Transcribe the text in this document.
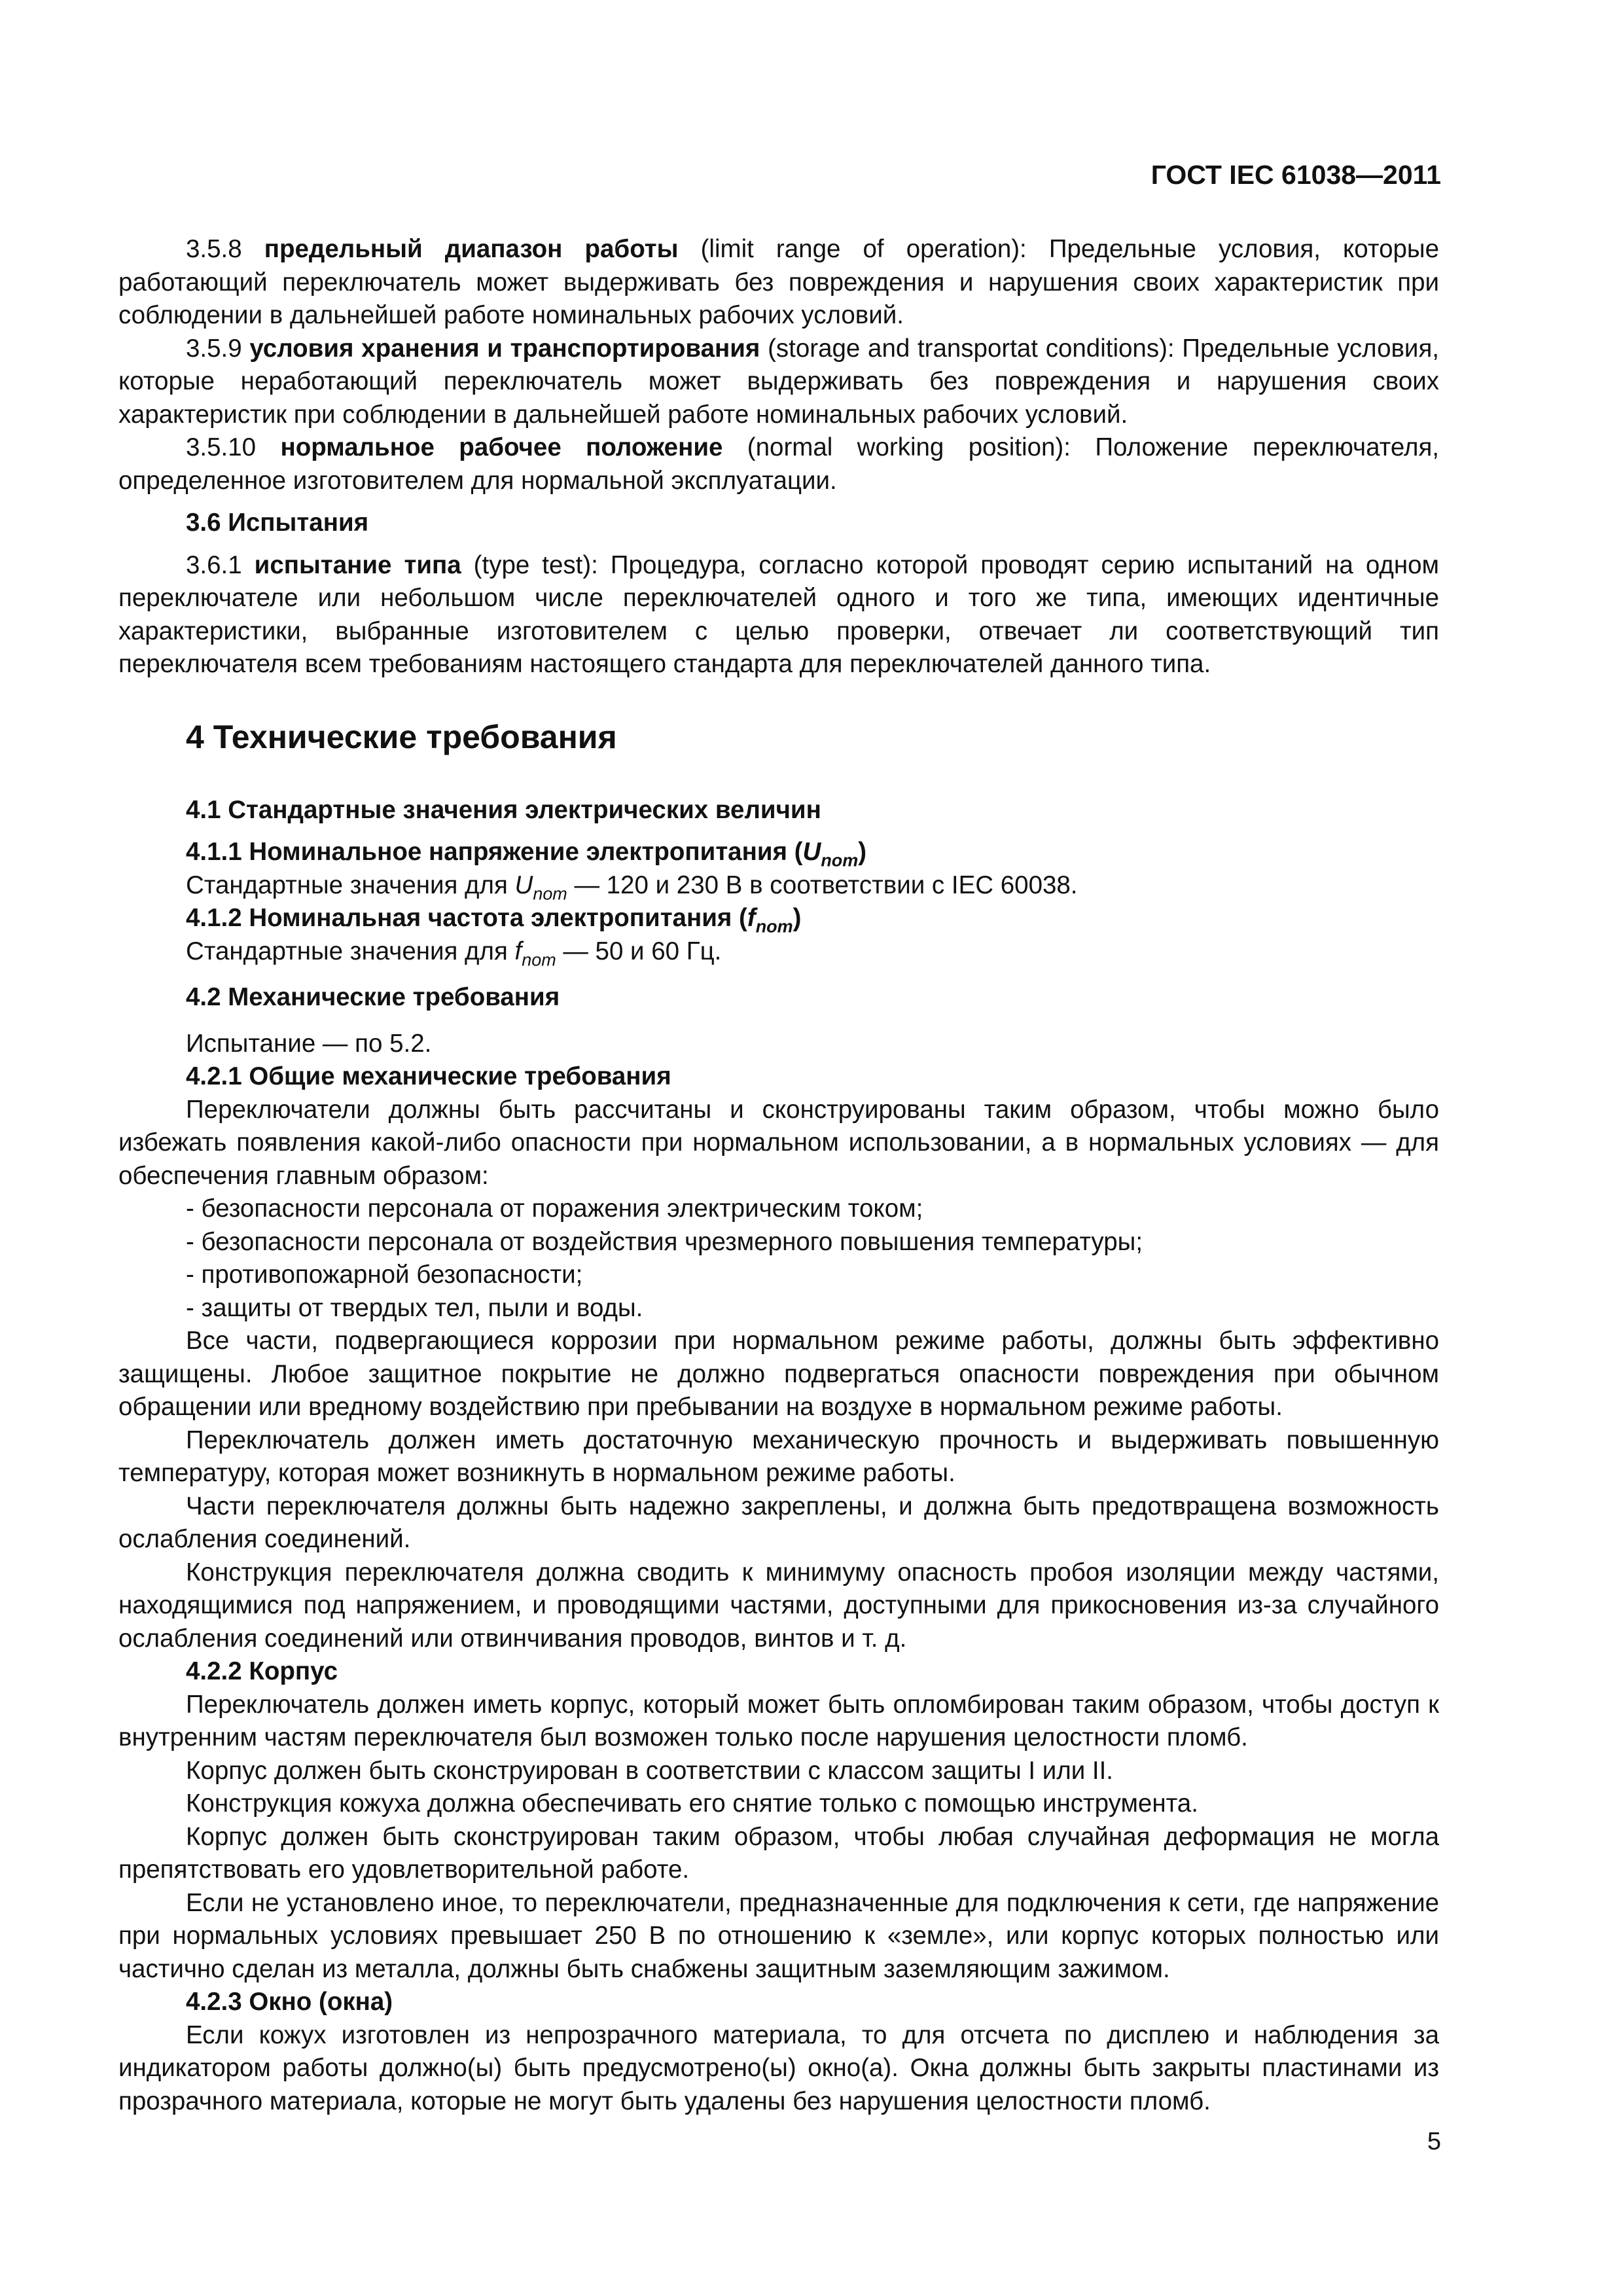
ГОСТ IEC 61038—2011

3.5.8 предельный диапазон работы (limit range of operation): Предельные условия, которые работающий переключатель может выдерживать без повреждения и нарушения своих характеристик при соблюдении в дальнейшей работе номинальных рабочих условий.

3.5.9 условия хранения и транспортирования (storage and transportat conditions): Предельные условия, которые неработающий переключатель может выдерживать без повреждения и нарушения своих характеристик при соблюдении в дальнейшей работе номинальных рабочих условий.

3.5.10 нормальное рабочее положение (normal working position): Положение переключателя, определенное изготовителем для нормальной эксплуатации.

3.6 Испытания

3.6.1 испытание типа (type test): Процедура, согласно которой проводят серию испытаний на одном переключателе или небольшом числе переключателей одного и того же типа, имеющих идентичные характеристики, выбранные изготовителем с целью проверки, отвечает ли соответствующий тип переключателя всем требованиям настоящего стандарта для переключателей данного типа.

4 Технические требования

4.1 Стандартные значения электрических величин

4.1.1 Номинальное напряжение электропитания $(U_{nom})$

Стандартные значения для $U_{nom}$ — 120 и 230 В в соответствии с IEC 60038.

4.1.2 Номинальная частота электропитания $(f_{nom})$

Стандартные значения для $f_{nom}$ — 50 и 60 Гц.

4.2 Механические требования

Испытание — по 5.2.

4.2.1 Общие механические требования

Переключатели должны быть рассчитаны и сконструированы таким образом, чтобы можно было избежать появления какой-либо опасности при нормальном использовании, а в нормальных условиях — для обеспечения главным образом:

- безопасности персонала от поражения электрическим током;

- безопасности персонала от воздействия чрезмерного повышения температуры;

- противопожарной безопасности;

- защиты от твердых тел, пыли и воды.

Все части, подвергающиеся коррозии при нормальном режиме работы, должны быть эффективно защищены. Любое защитное покрытие не должно подвергаться опасности повреждения при обычном обращении или вредному воздействию при пребывании на воздухе в нормальном режиме работы.

Переключатель должен иметь достаточную механическую прочность и выдерживать повышенную температуру, которая может возникнуть в нормальном режиме работы.

Части переключателя должны быть надежно закреплены, и должна быть предотвращена возможность ослабления соединений.

Конструкция переключателя должна сводить к минимуму опасность пробоя изоляции между частями, находящимися под напряжением, и проводящими частями, доступными для прикосновения из-за случайного ослабления соединений или отвинчивания проводов, винтов и т. д.

4.2.2 Корпус

Переключатель должен иметь корпус, который может быть опломбирован таким образом, чтобы доступ к внутренним частям переключателя был возможен только после нарушения целостности пломб.

Корпус должен быть сконструирован в соответствии с классом защиты I или II.

Конструкция кожуха должна обеспечивать его снятие только с помощью инструмента.

Корпус должен быть сконструирован таким образом, чтобы любая случайная деформация не могла препятствовать его удовлетворительной работе.

Если не установлено иное, то переключатели, предназначенные для подключения к сети, где напряжение при нормальных условиях превышает 250 В по отношению к «земле», или корпус которых полностью или частично сделан из металла, должны быть снабжены защитным заземляющим зажимом.

4.2.3 Окно (окна)

Если кожух изготовлен из непрозрачного материала, то для отсчета по дисплею и наблюдения за индикатором работы должно(ы) быть предусмотрено(ы) окно(а). Окна должны быть закрыты пластинами из прозрачного материала, которые не могут быть удалены без нарушения целостности пломб.

5
